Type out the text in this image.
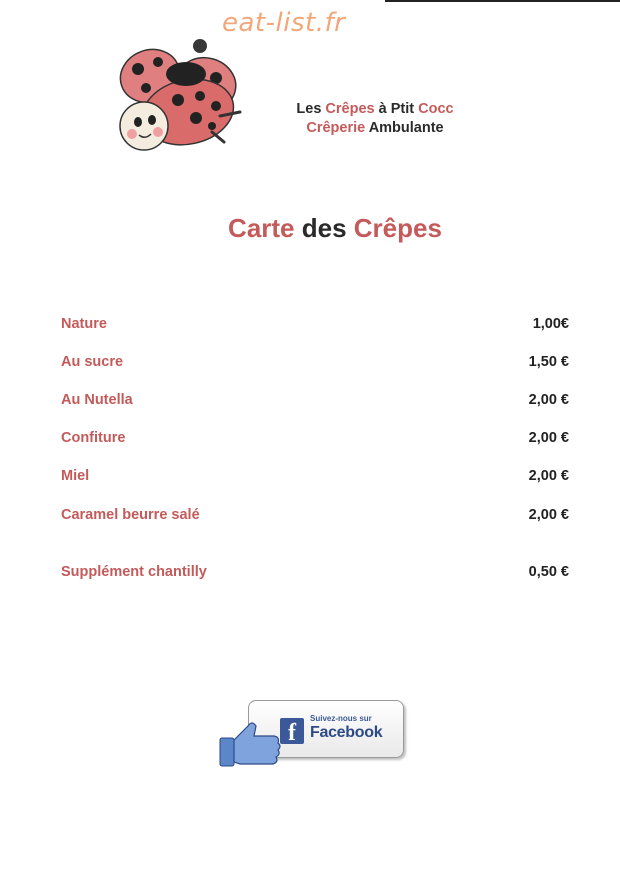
eat-list.fr
Les Crêpes à Ptit Cocc
Crêperie Ambulante
Carte des Crêpes
Nature	1,00€
Au sucre	1,50 €
Au Nutella	2,00 €
Confiture	2,00 €
Miel	2,00 €
Caramel beurre salé	2,00 €
Supplément chantilly	0,50 €
f
Suivez-nous sur
Facebook
